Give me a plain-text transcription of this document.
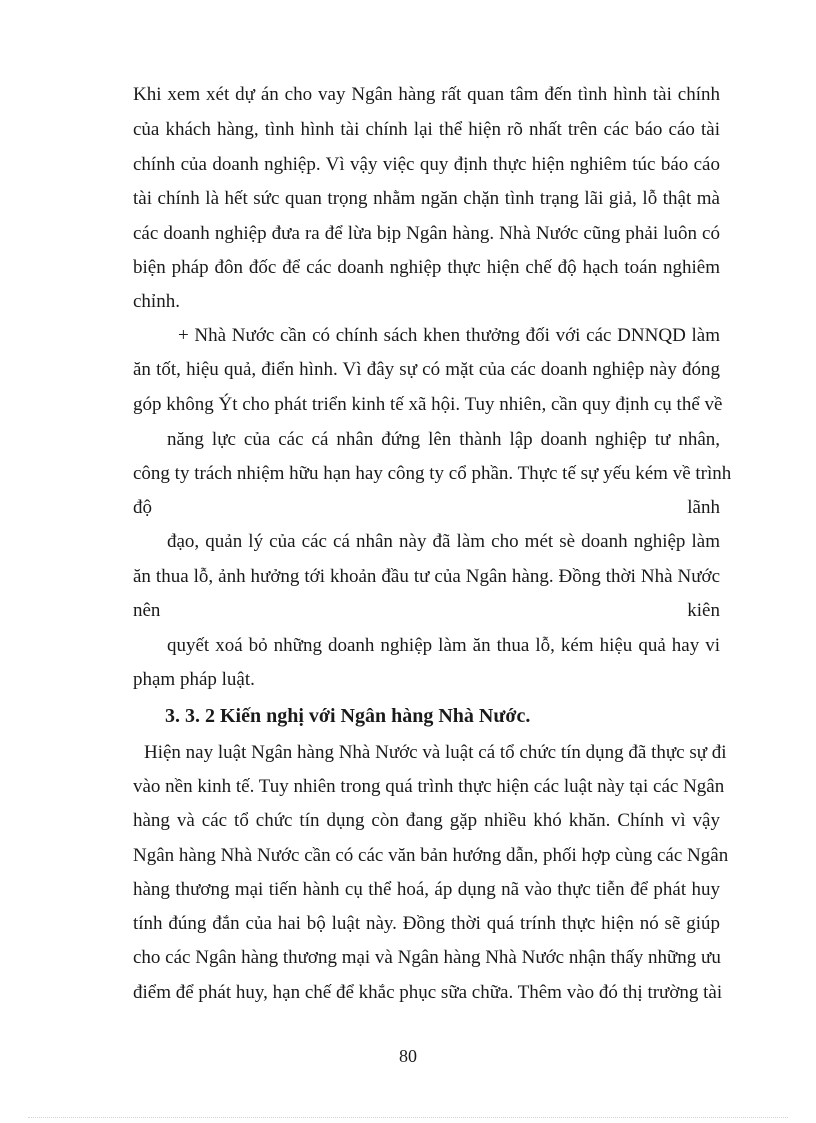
Khi xem xét dự án cho vay Ngân hàng rất quan tâm đến tình hình tài chính
của khách hàng, tình hình tài chính lại thể hiện rõ nhất trên các báo cáo tài
chính của doanh nghiệp. Vì vậy việc quy định thực hiện nghiêm túc báo cáo
tài chính là hết sức quan trọng nhằm ngăn chặn tình trạng lãi giả, lỗ thật mà
các doanh nghiệp đưa ra để lừa bịp Ngân hàng. Nhà Nước cũng phải luôn có
biện pháp đôn đốc để các doanh nghiệp thực hiện chế độ hạch toán nghiêm
chỉnh.
+ Nhà Nước cần có chính sách khen thưởng đối với các DNNQD làm
ăn tốt, hiệu quả, điển hình. Vì đây sự có mặt của các doanh nghiệp này đóng
góp không Ýt cho phát triển kinh tế xã hội. Tuy nhiên, cần quy định cụ thể về
năng lực của các cá nhân đứng lên thành lập doanh nghiệp tư nhân,
công ty trách nhiệm hữu hạn hay công ty cổ phần. Thực tế sự yếu kém về trình
độ	lãnh
đạo, quản lý của các cá nhân này đã làm cho mét sè doanh nghiệp làm
ăn thua lỗ, ảnh hưởng tới khoản đầu tư của Ngân hàng. Đồng thời Nhà Nước
nên	kiên
quyết xoá bỏ những doanh nghiệp làm ăn thua lỗ, kém hiệu quả hay vi
phạm pháp luật.
3. 3. 2 Kiến nghị với Ngân hàng Nhà Nước.
Hiện nay luật Ngân hàng Nhà Nước và luật cá tổ chức tín dụng đã thực sự đi
vào nền kinh tế. Tuy nhiên trong quá trình thực hiện các luật này tại các Ngân
hàng và các tổ chức tín dụng còn đang gặp nhiều khó khăn. Chính vì vậy
Ngân hàng Nhà Nước cần có các văn bản hướng dẫn, phối hợp cùng các Ngân
hàng thương mại tiến hành cụ thể hoá, áp dụng nã vào thực tiễn để phát huy
tính đúng đắn của hai bộ luật này. Đồng thời quá trính thực hiện nó sẽ giúp
cho các Ngân hàng thương mại và Ngân hàng Nhà Nước nhận thấy những ưu
điểm để phát huy, hạn chế để khắc phục sữa chữa. Thêm vào đó thị trường tài
80
